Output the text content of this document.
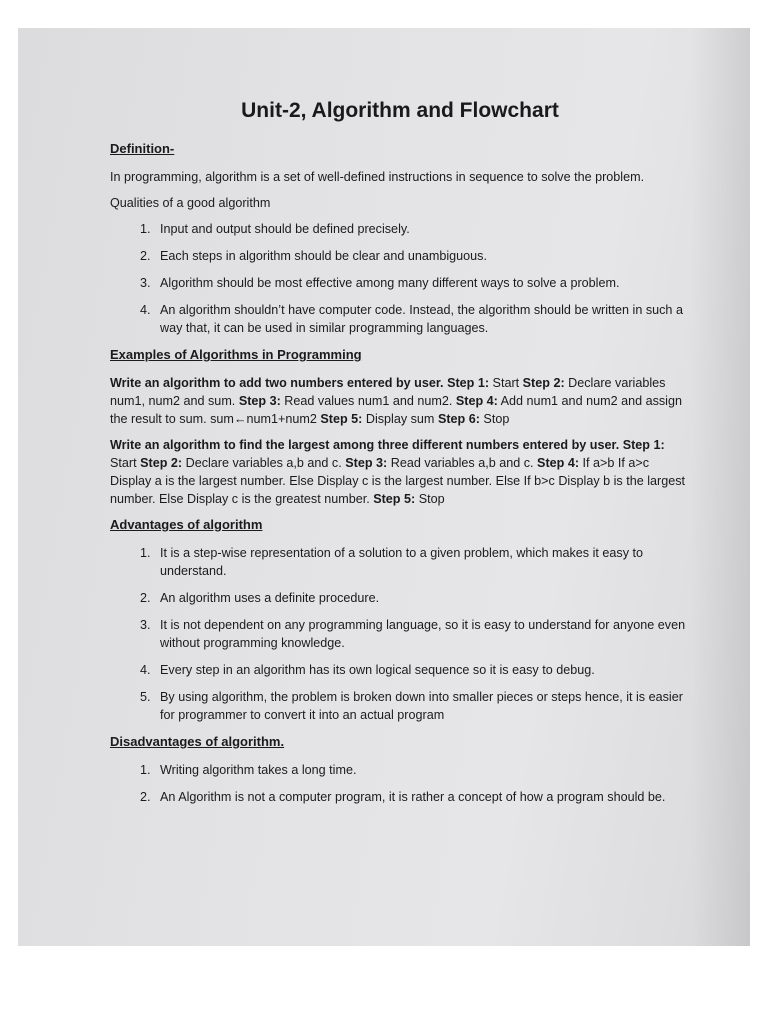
Unit-2, Algorithm and Flowchart
Definition-
In programming, algorithm is a set of well-defined instructions in sequence to solve the problem.
Qualities of a good algorithm
1. Input and output should be defined precisely.
2. Each steps in algorithm should be clear and unambiguous.
3. Algorithm should be most effective among many different ways to solve a problem.
4. An algorithm shouldn’t have computer code. Instead, the algorithm should be written in such a way that, it can be used in similar programming languages.
Examples of Algorithms in Programming
Write an algorithm to add two numbers entered by user. Step 1: Start Step 2: Declare variables num1, num2 and sum. Step 3: Read values num1 and num2. Step 4: Add num1 and num2 and assign the result to sum. sum←num1+num2 Step 5: Display sum Step 6: Stop
Write an algorithm to find the largest among three different numbers entered by user. Step 1: Start Step 2: Declare variables a,b and c. Step 3: Read variables a,b and c. Step 4: If a>b If a>c Display a is the largest number. Else Display c is the largest number. Else If b>c Display b is the largest number. Else Display c is the greatest number. Step 5: Stop
Advantages of algorithm
1. It is a step-wise representation of a solution to a given problem, which makes it easy to understand.
2. An algorithm uses a definite procedure.
3. It is not dependent on any programming language, so it is easy to understand for anyone even without programming knowledge.
4. Every step in an algorithm has its own logical sequence so it is easy to debug.
5. By using algorithm, the problem is broken down into smaller pieces or steps hence, it is easier for programmer to convert it into an actual program
Disadvantages of algorithm.
1. Writing algorithm takes a long time.
2. An Algorithm is not a computer program, it is rather a concept of how a program should be.
